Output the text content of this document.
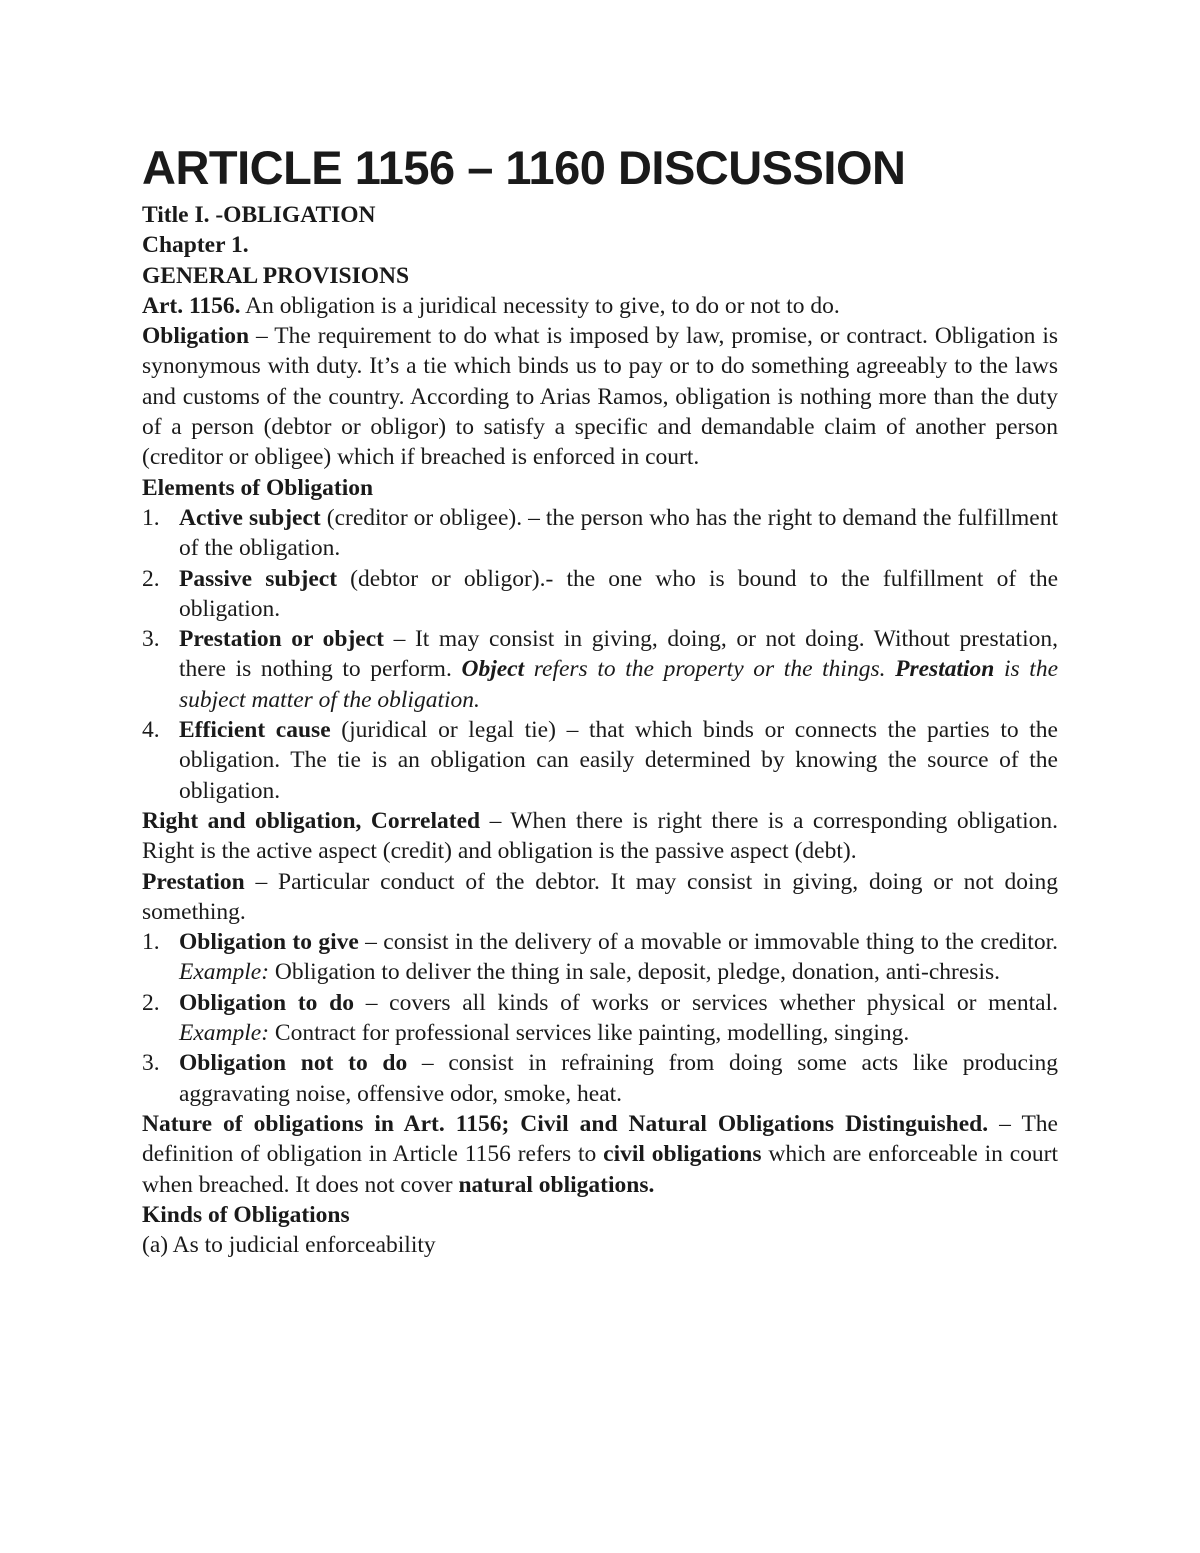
ARTICLE 1156 – 1160 DISCUSSION
Title I. -OBLIGATION
Chapter 1.
GENERAL PROVISIONS

Art. 1156. An obligation is a juridical necessity to give, to do or not to do.

Obligation – The requirement to do what is imposed by law, promise, or contract. Obligation is synonymous with duty. It’s a tie which binds us to pay or to do something agreeably to the laws and customs of the country. According to Arias Ramos, obligation is nothing more than the duty of a person (debtor or obligor) to satisfy a specific and demandable claim of another person (creditor or obligee) which if breached is enforced in court.

Elements of Obligation
1. Active subject (creditor or obligee). – the person who has the right to demand the fulfillment of the obligation.
2. Passive subject (debtor or obligor).- the one who is bound to the fulfillment of the obligation.
3. Prestation or object – It may consist in giving, doing, or not doing. Without prestation, there is nothing to perform. Object refers to the property or the things. Prestation is the subject matter of the obligation.
4. Efficient cause (juridical or legal tie) – that which binds or connects the parties to the obligation. The tie is an obligation can easily determined by knowing the source of the obligation.

Right and obligation, Correlated – When there is right there is a corresponding obligation. Right is the active aspect (credit) and obligation is the passive aspect (debt).

Prestation – Particular conduct of the debtor. It may consist in giving, doing or not doing something.

1. Obligation to give – consist in the delivery of a movable or immovable thing to the creditor. Example: Obligation to deliver the thing in sale, deposit, pledge, donation, anti-chresis.
2. Obligation to do – covers all kinds of works or services whether physical or mental. Example: Contract for professional services like painting, modelling, singing.
3. Obligation not to do – consist in refraining from doing some acts like producing aggravating noise, offensive odor, smoke, heat.

Nature of obligations in Art. 1156; Civil and Natural Obligations Distinguished. – The definition of obligation in Article 1156 refers to civil obligations which are enforceable in court when breached. It does not cover natural obligations.

Kinds of Obligations

(a) As to judicial enforceability
